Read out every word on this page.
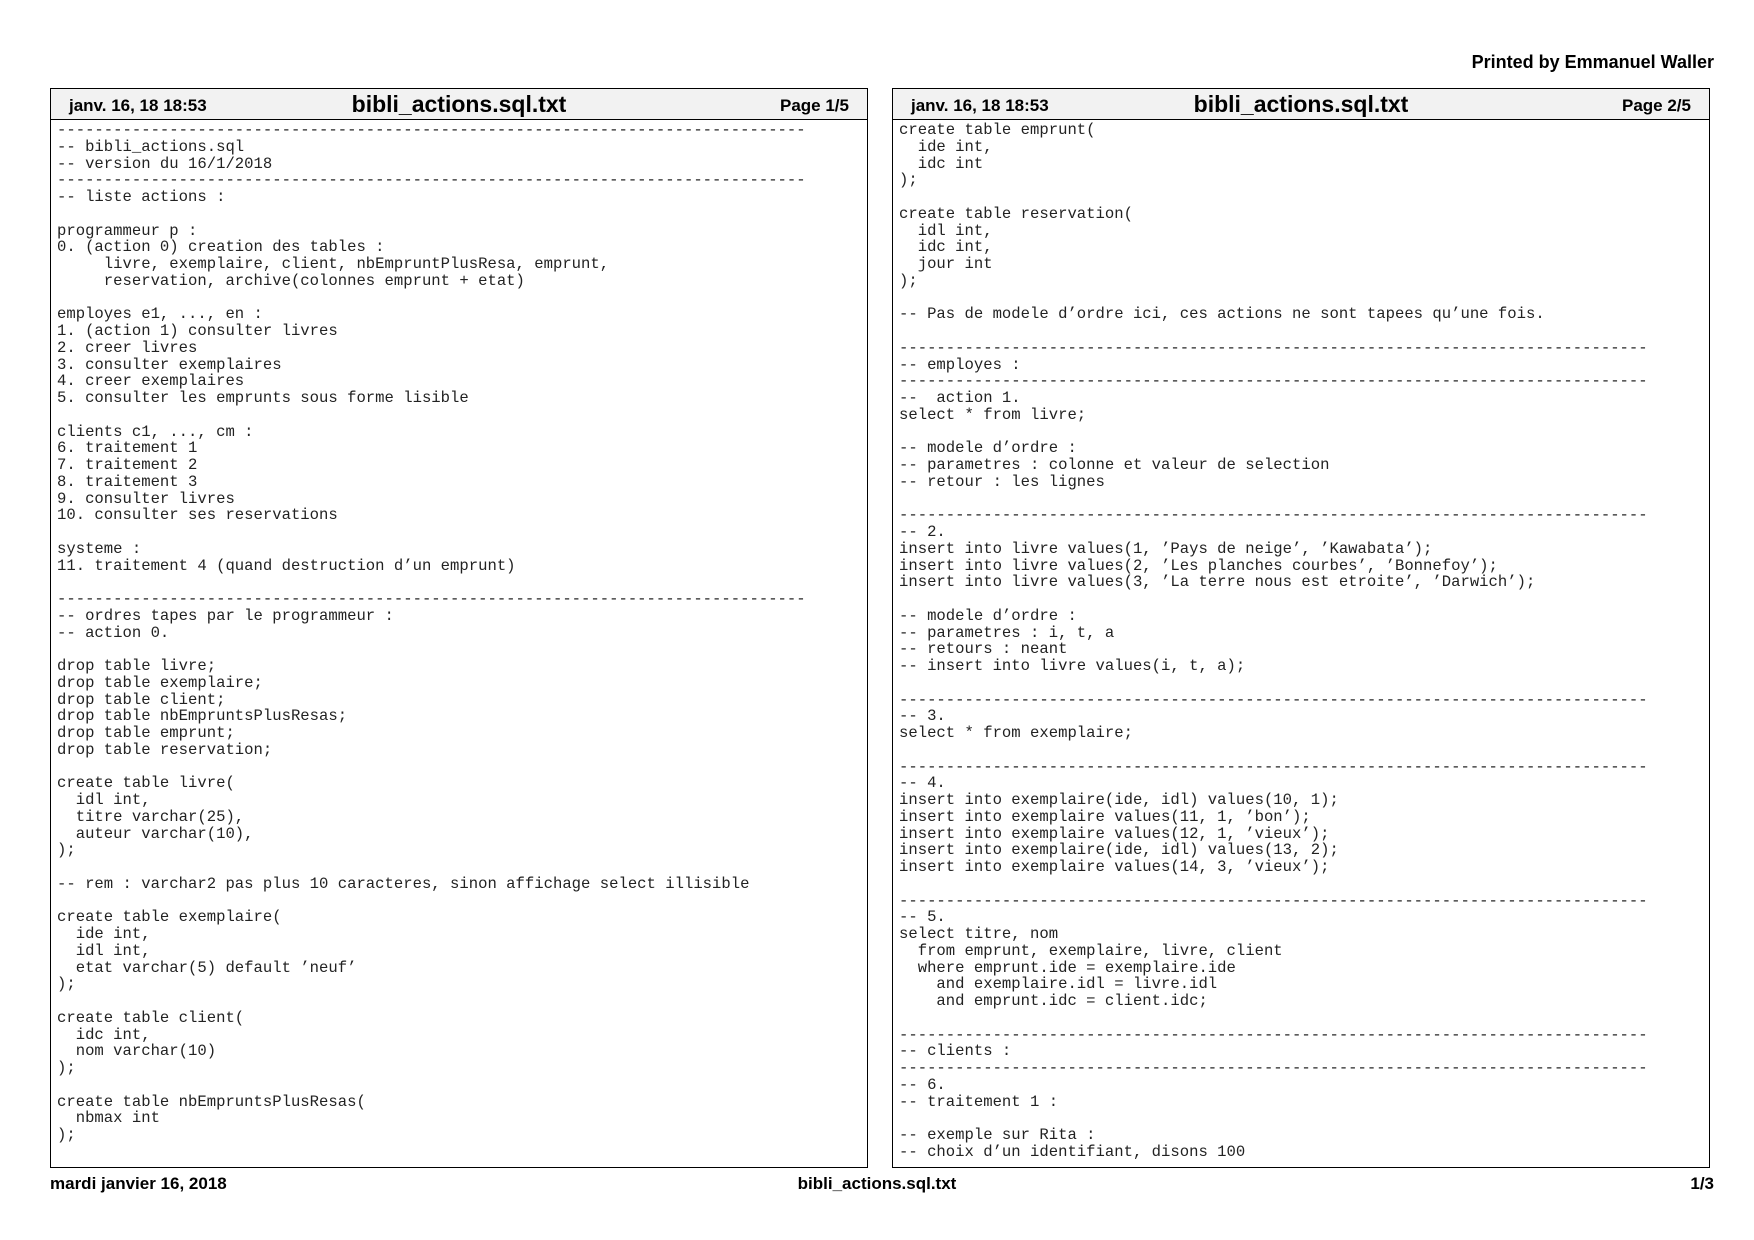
Printed by Emmanuel Waller
janv. 16, 18 18:53	bibli_actions.sql.txt	Page 1/5
--------------------------------------------------------------------------------
-- bibli_actions.sql
-- version du 16/1/2018
--------------------------------------------------------------------------------
-- liste actions :

programmeur p :
0. (action 0) creation des tables :
livre, exemplaire, client, nbEmpruntPlusResa, emprunt,
reservation, archive(colonnes emprunt + etat)

employes e1, ..., en :
1. (action 1) consulter livres
2. creer livres
3. consulter exemplaires
4. creer exemplaires
5. consulter les emprunts sous forme lisible

clients c1, ..., cm :
6. traitement 1
7. traitement 2
8. traitement 3
9. consulter livres
10. consulter ses reservations

systeme :
11. traitement 4 (quand destruction d’un emprunt)

--------------------------------------------------------------------------------
-- ordres tapes par le programmeur :
-- action 0.

drop table livre;
drop table exemplaire;
drop table client;
drop table nbEmpruntsPlusResas;
drop table emprunt;
drop table reservation;

create table livre(
idl int,
titre varchar(25),
auteur varchar(10),
);

-- rem : varchar2 pas plus 10 caracteres, sinon affichage select illisible

create table exemplaire(
ide int,
idl int,
etat varchar(5) default ’neuf’
);

create table client(
idc int,
nom varchar(10)
);

create table nbEmpruntsPlusResas(
nbmax int
);
janv. 16, 18 18:53	bibli_actions.sql.txt	Page 2/5
create table emprunt(
ide int,
idc int
);

create table reservation(
idl int,
idc int,
jour int
);

-- Pas de modele d’ordre ici, ces actions ne sont tapees qu’une fois.

--------------------------------------------------------------------------------
-- employes :
--------------------------------------------------------------------------------
--  action 1.
select * from livre;

-- modele d’ordre :
-- parametres : colonne et valeur de selection
-- retour : les lignes

--------------------------------------------------------------------------------
-- 2.
insert into livre values(1, ’Pays de neige’, ’Kawabata’);
insert into livre values(2, ’Les planches courbes’, ’Bonnefoy’);
insert into livre values(3, ’La terre nous est etroite’, ’Darwich’);

-- modele d’ordre :
-- parametres : i, t, a
-- retours : neant
-- insert into livre values(i, t, a);

--------------------------------------------------------------------------------
-- 3.
select * from exemplaire;

--------------------------------------------------------------------------------
-- 4.
insert into exemplaire(ide, idl) values(10, 1);
insert into exemplaire values(11, 1, ’bon’);
insert into exemplaire values(12, 1, ’vieux’);
insert into exemplaire(ide, idl) values(13, 2);
insert into exemplaire values(14, 3, ’vieux’);

--------------------------------------------------------------------------------
-- 5.
select titre, nom
from emprunt, exemplaire, livre, client
where emprunt.ide = exemplaire.ide
and exemplaire.idl = livre.idl
and emprunt.idc = client.idc;

--------------------------------------------------------------------------------
-- clients :
--------------------------------------------------------------------------------
-- 6.
-- traitement 1 :

-- exemple sur Rita :
-- choix d’un identifiant, disons 100
mardi janvier 16, 2018	bibli_actions.sql.txt	1/3
